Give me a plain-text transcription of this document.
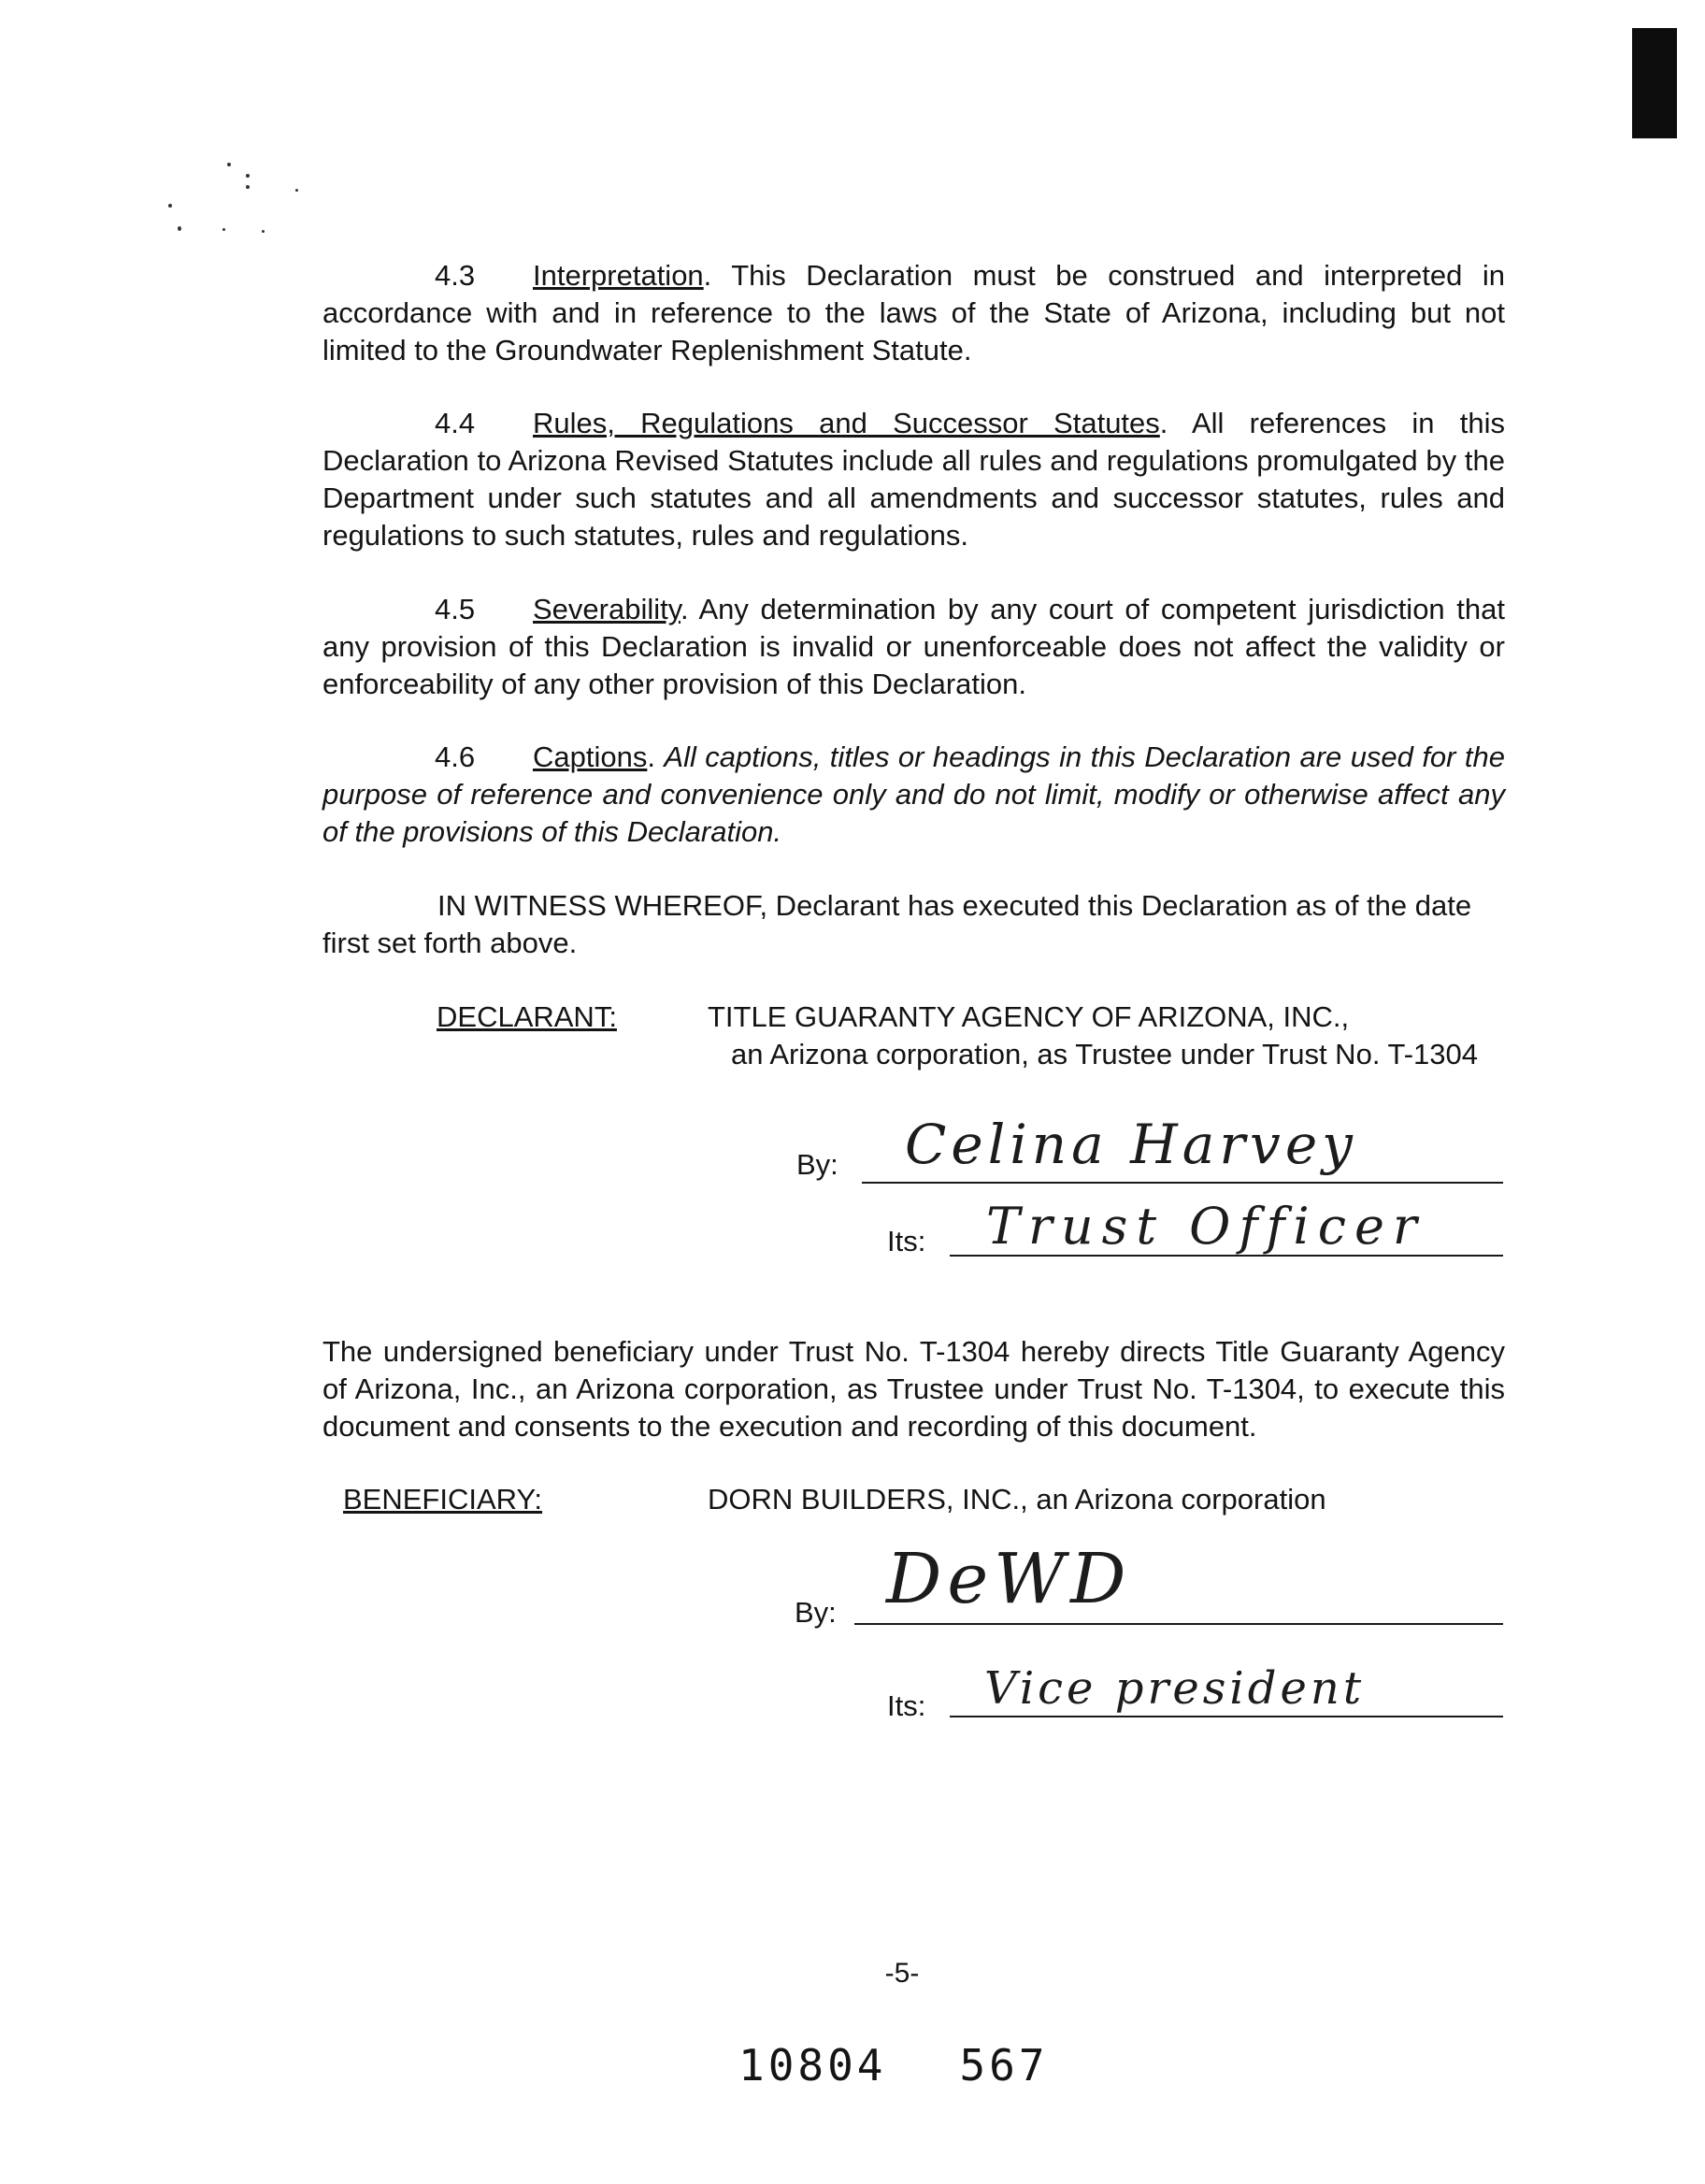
4.3 Interpretation. This Declaration must be construed and interpreted in accordance with and in reference to the laws of the State of Arizona, including but not limited to the Groundwater Replenishment Statute.
4.4 Rules, Regulations and Successor Statutes. All references in this Declaration to Arizona Revised Statutes include all rules and regulations promulgated by the Department under such statutes and all amendments and successor statutes, rules and regulations to such statutes, rules and regulations.
4.5 Severability. Any determination by any court of competent jurisdiction that any provision of this Declaration is invalid or unenforceable does not affect the validity or enforceability of any other provision of this Declaration.
4.6 Captions. All captions, titles or headings in this Declaration are used for the purpose of reference and convenience only and do not limit, modify or otherwise affect any of the provisions of this Declaration.
IN WITNESS WHEREOF, Declarant has executed this Declaration as of the date first set forth above.
DECLARANT:	TITLE GUARANTY AGENCY OF ARIZONA, INC.,
an Arizona corporation, as Trustee under Trust No. T-1304
By: Celina Harvey
Its: Trust Officer
The undersigned beneficiary under Trust No. T-1304 hereby directs Title Guaranty Agency of Arizona, Inc., an Arizona corporation, as Trustee under Trust No. T-1304, to execute this document and consents to the execution and recording of this document.
BENEFICIARY:	DORN BUILDERS, INC., an Arizona corporation
By: DeWD
Its: Vice president
-5-
10804 567
